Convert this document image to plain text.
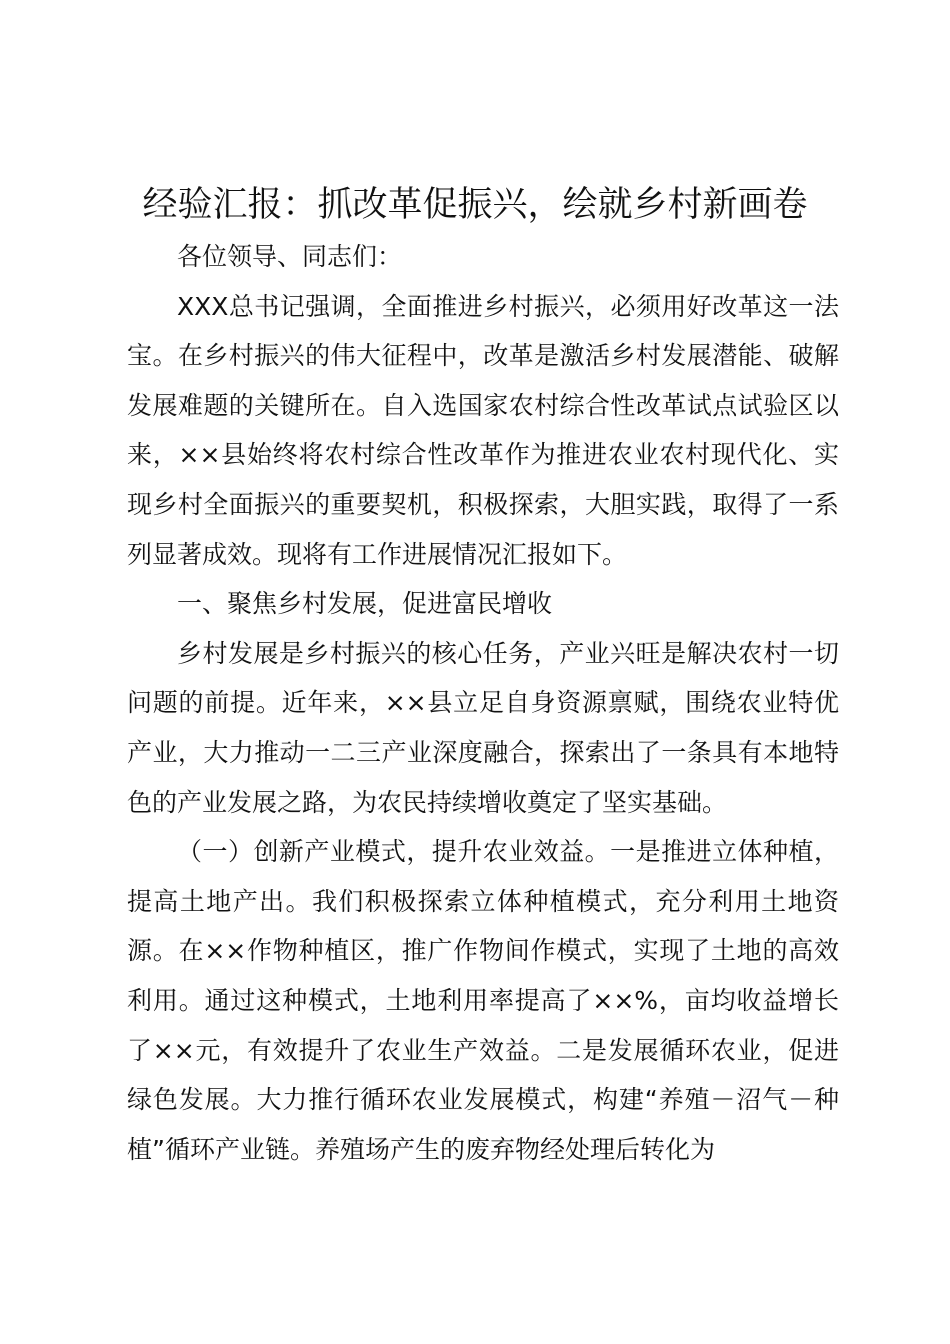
经验汇报：抓改革促振兴，绘就乡村新画卷

各位领导、同志们：

XXX总书记强调，全面推进乡村振兴，必须用好改革这一法宝。在乡村振兴的伟大征程中，改革是激活乡村发展潜能、破解发展难题的关键所在。自入选国家农村综合性改革试点试验区以来，××县始终将农村综合性改革作为推进农业农村现代化、实现乡村全面振兴的重要契机，积极探索，大胆实践，取得了一系列显著成效。现将有工作进展情况汇报如下。

一、聚焦乡村发展，促进富民增收

乡村发展是乡村振兴的核心任务，产业兴旺是解决农村一切问题的前提。近年来，××县立足自身资源禀赋，围绕农业特优产业，大力推动一二三产业深度融合，探索出了一条具有本地特色的产业发展之路，为农民持续增收奠定了坚实基础。

（一）创新产业模式，提升农业效益。一是推进立体种植，提高土地产出。我们积极探索立体种植模式，充分利用土地资源。在××作物种植区，推广作物间作模式，实现了土地的高效利用。通过这种模式，土地利用率提高了××%，亩均收益增长了××元，有效提升了农业生产效益。二是发展循环农业，促进绿色发展。大力推行循环农业发展模式，构建“养殖－沼气－种植”循环产业链。养殖场产生的废弃物经处理后转化为
